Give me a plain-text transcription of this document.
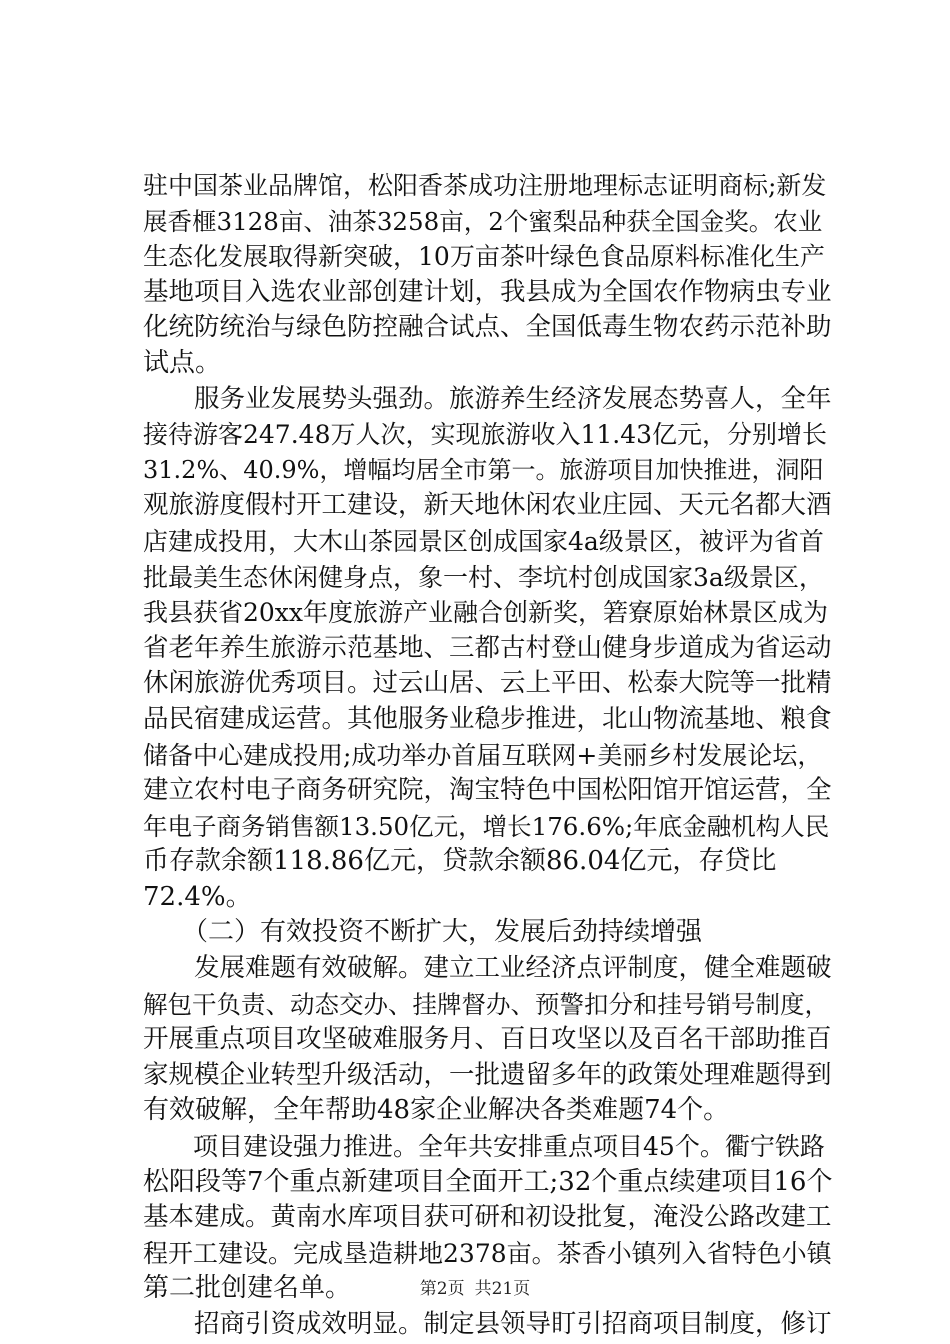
驻中国茶业品牌馆，松阳香茶成功注册地理标志证明商标;新发
展香榧3128亩、油茶3258亩，2个蜜梨品种获全国金奖。农业
生态化发展取得新突破，10万亩茶叶绿色食品原料标准化生产
基地项目入选农业部创建计划，我县成为全国农作物病虫专业
化统防统治与绿色防控融合试点、全国低毒生物农药示范补助
试点。
　　服务业发展势头强劲。旅游养生经济发展态势喜人，全年
接待游客247.48万人次，实现旅游收入11.43亿元，分别增长
31.2%、40.9%，增幅均居全市第一。旅游项目加快推进，洞阳
观旅游度假村开工建设，新天地休闲农业庄园、天元名都大酒
店建成投用，大木山茶园景区创成国家4a级景区，被评为省首
批最美生态休闲健身点，象一村、李坑村创成国家3a级景区，
我县获省20xx年度旅游产业融合创新奖，箬寮原始林景区成为
省老年养生旅游示范基地、三都古村登山健身步道成为省运动
休闲旅游优秀项目。过云山居、云上平田、松泰大院等一批精
品民宿建成运营。其他服务业稳步推进，北山物流基地、粮食
储备中心建成投用;成功举办首届互联网+美丽乡村发展论坛，
建立农村电子商务研究院，淘宝特色中国松阳馆开馆运营，全
年电子商务销售额13.50亿元，增长176.6%;年底金融机构人民
币存款余额118.86亿元，贷款余额86.04亿元，存贷比
72.4%。
　　（二）有效投资不断扩大，发展后劲持续增强
　　发展难题有效破解。建立工业经济点评制度，健全难题破
解包干负责、动态交办、挂牌督办、预警扣分和挂号销号制度，
开展重点项目攻坚破难服务月、百日攻坚以及百名干部助推百
家规模企业转型升级活动，一批遗留多年的政策处理难题得到
有效破解，全年帮助48家企业解决各类难题74个。
　　项目建设强力推进。全年共安排重点项目45个。衢宁铁路
松阳段等7个重点新建项目全面开工;32个重点续建项目16个
基本建成。黄南水库项目获可研和初设批复，淹没公路改建工
程开工建设。完成垦造耕地2378亩。茶香小镇列入省特色小镇
第二批创建名单。
　　招商引资成效明显。制定县领导盯引招商项目制度，修订
第2页 共21页
